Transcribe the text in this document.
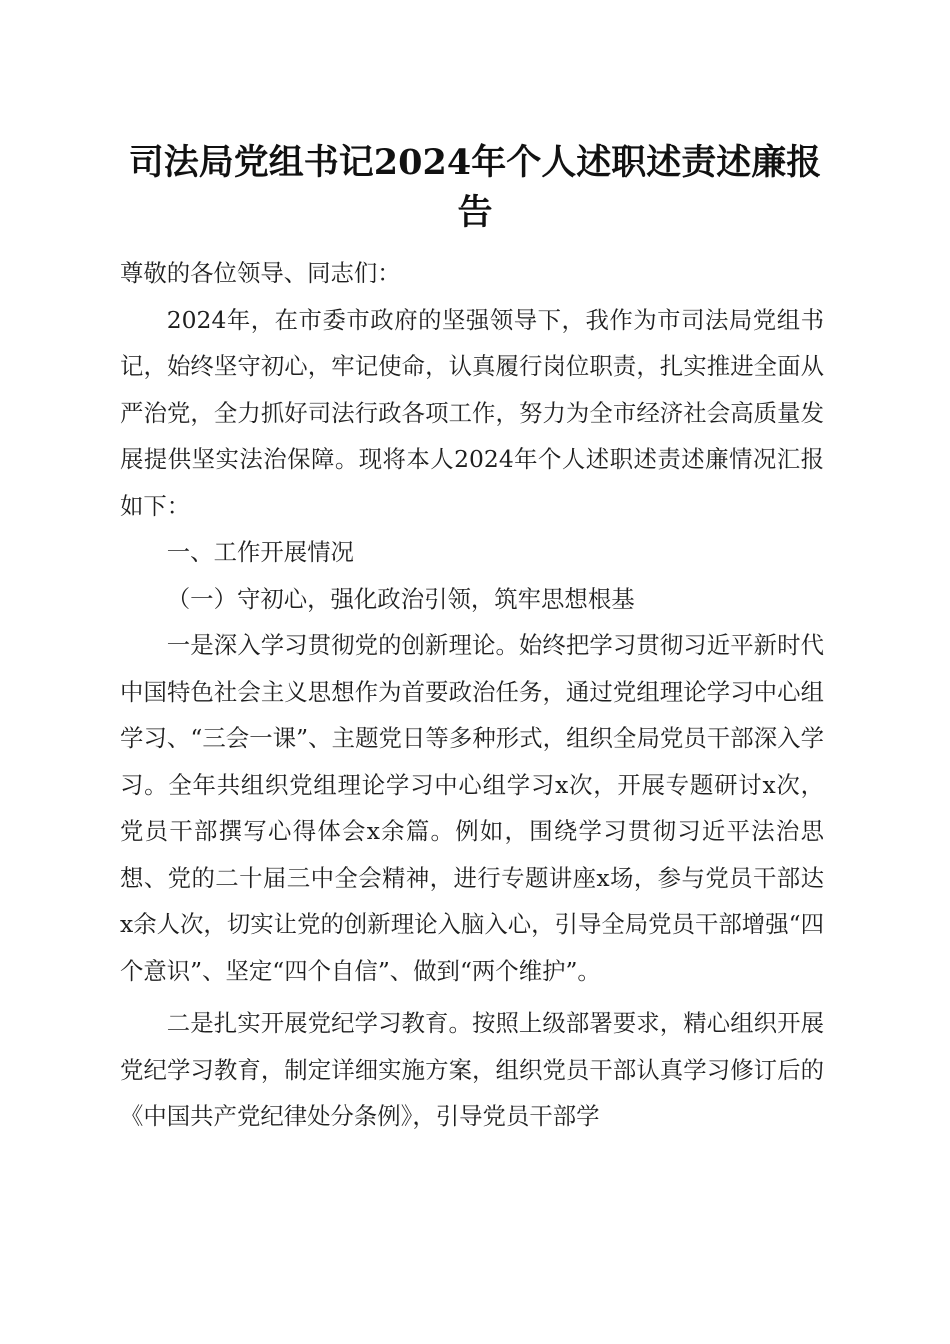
司法局党组书记2024年个人述职述责述廉报告

尊敬的各位领导、同志们：

2024年，在市委市政府的坚强领导下，我作为市司法局党组书记，始终坚守初心，牢记使命，认真履行岗位职责，扎实推进全面从严治党，全力抓好司法行政各项工作，努力为全市经济社会高质量发展提供坚实法治保障。现将本人2024年个人述职述责述廉情况汇报如下：

一、工作开展情况

（一）守初心，强化政治引领，筑牢思想根基

一是深入学习贯彻党的创新理论。始终把学习贯彻习近平新时代中国特色社会主义思想作为首要政治任务，通过党组理论学习中心组学习、“三会一课”、主题党日等多种形式，组织全局党员干部深入学习。全年共组织党组理论学习中心组学习x次，开展专题研讨x次，党员干部撰写心得体会x余篇。例如，围绕学习贯彻习近平法治思想、党的二十届三中全会精神，进行专题讲座x场，参与党员干部达x余人次，切实让党的创新理论入脑入心，引导全局党员干部增强“四个意识”、坚定“四个自信”、做到“两个维护”。

二是扎实开展党纪学习教育。按照上级部署要求，精心组织开展党纪学习教育，制定详细实施方案，组织党员干部认真学习修订后的《中国共产党纪律处分条例》，引导党员干部学
